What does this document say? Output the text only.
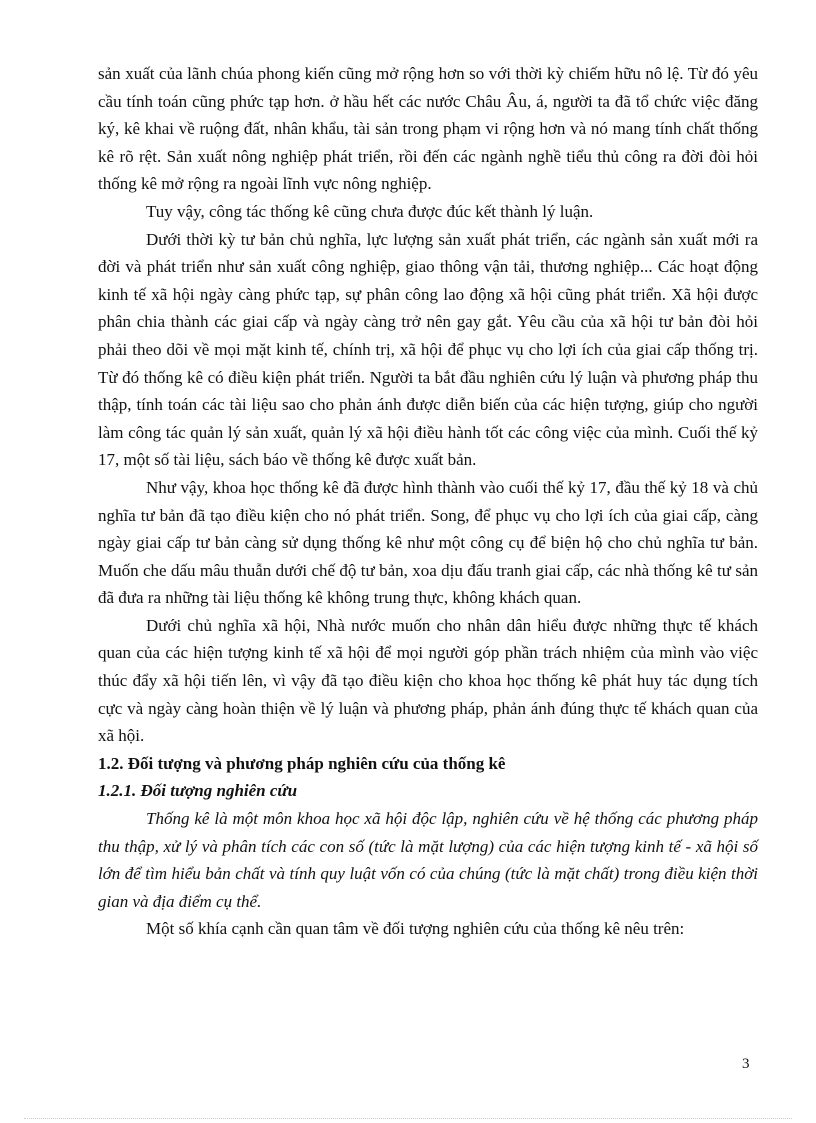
sản xuất của lãnh chúa phong kiến cũng mở rộng hơn so với thời kỳ chiếm hữu nô lệ. Từ đó yêu cầu tính toán cũng phức tạp hơn. ở hầu hết các nước Châu Âu, á, người ta đã tổ chức việc đăng ký, kê khai về ruộng đất, nhân khẩu, tài sản trong phạm vi rộng hơn và nó mang tính chất thống kê rõ rệt. Sản xuất nông nghiệp phát triển, rồi đến các ngành nghề tiểu thủ công ra đời đòi hỏi thống kê mở rộng ra ngoài lĩnh vực nông nghiệp.

Tuy vậy, công tác thống kê cũng chưa được đúc kết thành lý luận.

Dưới thời kỳ tư bản chủ nghĩa, lực lượng sản xuất phát triển, các ngành sản xuất mới ra đời và phát triển như sản xuất công nghiệp, giao thông vận tải, thương nghiệp... Các hoạt động kinh tế xã hội ngày càng phức tạp, sự phân công lao động xã hội cũng phát triển. Xã hội được phân chia thành các giai cấp và ngày càng trở nên gay gắt. Yêu cầu của xã hội tư bản đòi hỏi phải theo dõi về mọi mặt kinh tế, chính trị, xã hội để phục vụ cho lợi ích của giai cấp thống trị. Từ đó thống kê có điều kiện phát triển. Người ta bắt đầu nghiên cứu lý luận và phương pháp thu thập, tính toán các tài liệu sao cho phản ánh được diễn biến của các hiện tượng, giúp cho người làm công tác quản lý sản xuất, quản lý xã hội điều hành tốt các công việc của mình. Cuối thế kỷ 17, một số tài liệu, sách báo về thống kê được xuất bản.

Như vậy, khoa học thống kê đã được hình thành vào cuối thế kỷ 17, đầu thế kỷ 18 và chủ nghĩa tư bản đã tạo điều kiện cho nó phát triển. Song, để phục vụ cho lợi ích của giai cấp, càng ngày giai cấp tư bản càng sử dụng thống kê như một công cụ để biện hộ cho chủ nghĩa tư bản. Muốn che dấu mâu thuẫn dưới chế độ tư bản, xoa dịu đấu tranh giai cấp, các nhà thống kê tư sản đã đưa ra những tài liệu thống kê không trung thực, không khách quan.

Dưới chủ nghĩa xã hội, Nhà nước muốn cho nhân dân hiểu được những thực tế khách quan của các hiện tượng kinh tế xã hội để mọi người góp phần trách nhiệm của mình vào việc thúc đẩy xã hội tiến lên, vì vậy đã tạo điều kiện cho khoa học thống kê phát huy tác dụng tích cực và ngày càng hoàn thiện về lý luận và phương pháp, phản ánh đúng thực tế khách quan của xã hội.

1.2. Đối tượng và phương pháp nghiên cứu của thống kê
1.2.1. Đối tượng nghiên cứu

Thống kê là một môn khoa học xã hội độc lập, nghiên cứu về hệ thống các phương pháp thu thập, xử lý và phân tích các con số (tức là mặt lượng) của các hiện tượng kinh tế - xã hội số lớn để tìm hiểu bản chất và tính quy luật vốn có của chúng (tức là mặt chất) trong điều kiện thời gian và địa điểm cụ thể.

Một số khía cạnh cần quan tâm về đối tượng nghiên cứu của thống kê nêu trên:

3
